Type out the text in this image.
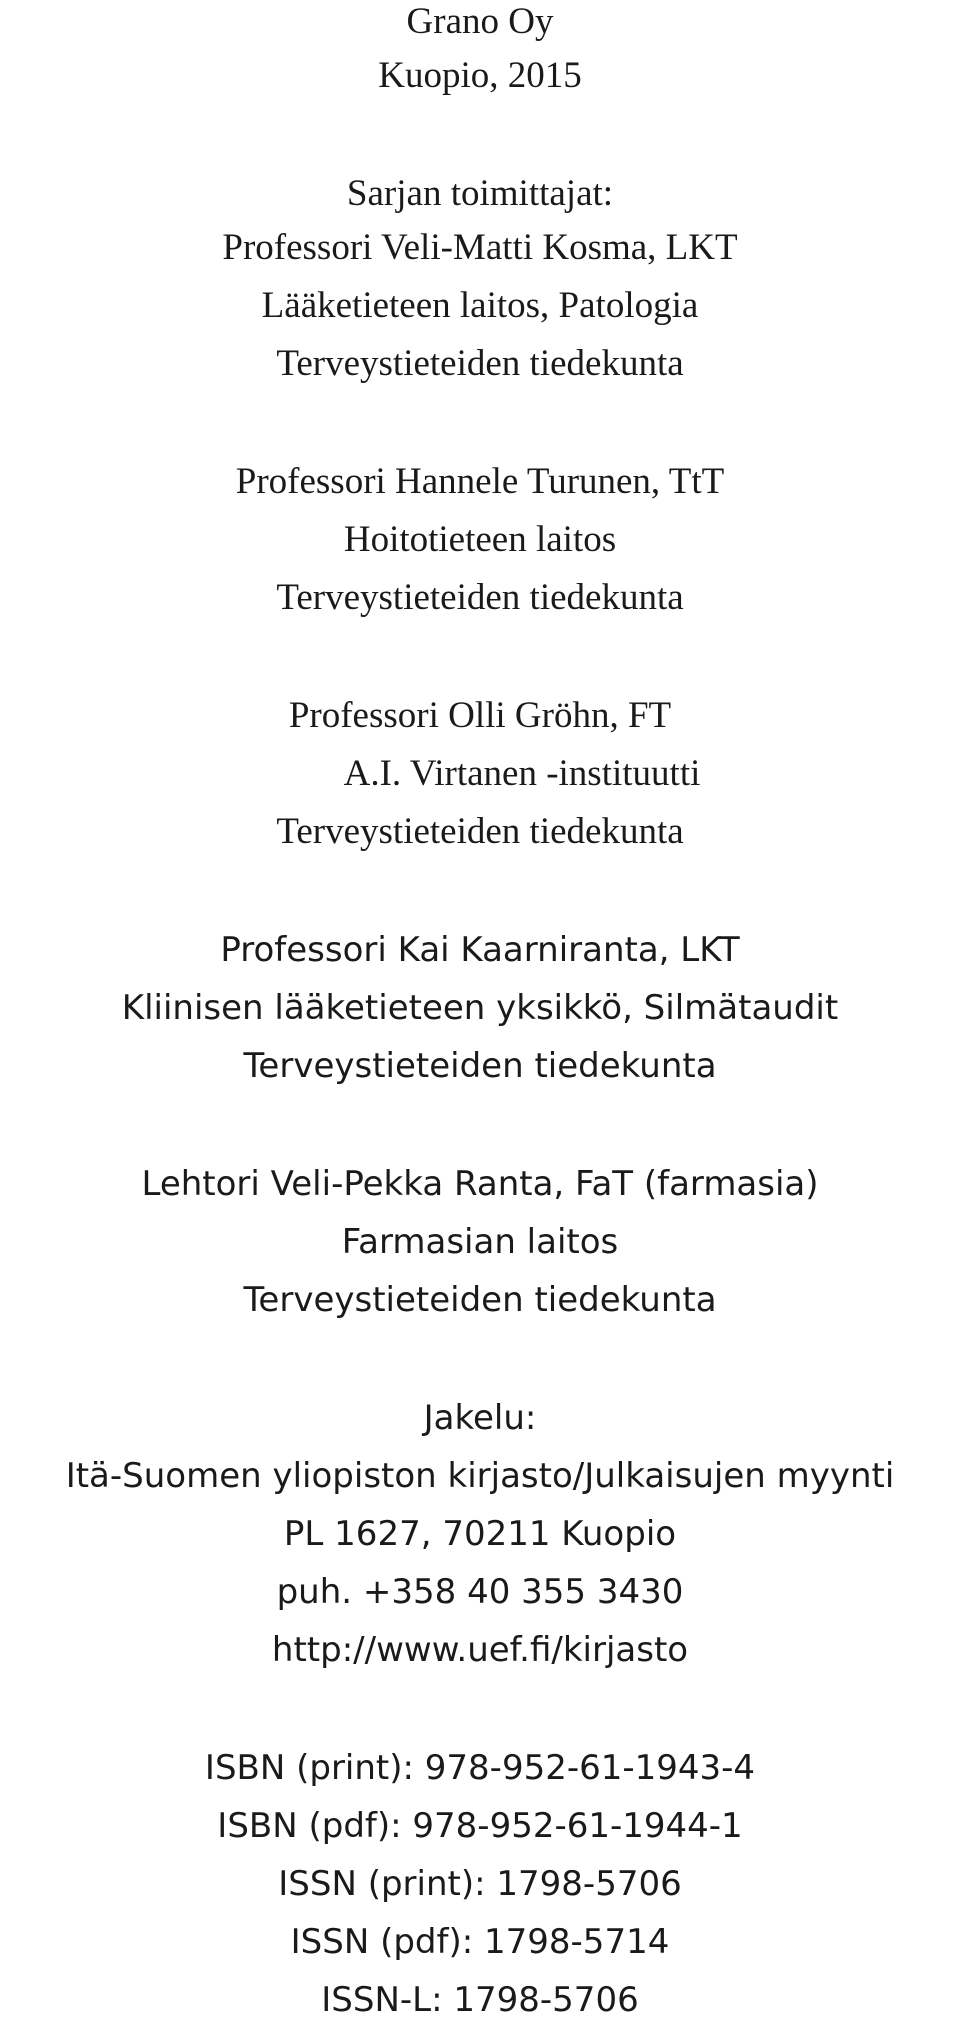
Grano Oy

Kuopio, 2015

Sarjan toimittajat:

Professori Veli-Matti Kosma, LKT

Lääketieteen laitos, Patologia

Terveystieteiden tiedekunta

Professori Hannele Turunen, TtT

Hoitotieteen laitos

Terveystieteiden tiedekunta

Professori Olli Gröhn, FT

A.I. Virtanen -instituutti

Terveystieteiden tiedekunta

Professori Kai Kaarniranta, LKT

Kliinisen lääketieteen yksikkö, Silmätaudit

Terveystieteiden tiedekunta

Lehtori Veli-Pekka Ranta, FaT (farmasia)

Farmasian laitos

Terveystieteiden tiedekunta

Jakelu:

Itä-Suomen yliopiston kirjasto/Julkaisujen myynti

PL 1627, 70211 Kuopio

puh. +358 40 355 3430

http://www.uef.fi/kirjasto

ISBN (print): 978-952-61-1943-4

ISBN (pdf): 978-952-61-1944-1

ISSN (print): 1798-5706

ISSN (pdf): 1798-5714

ISSN-L: 1798-5706
